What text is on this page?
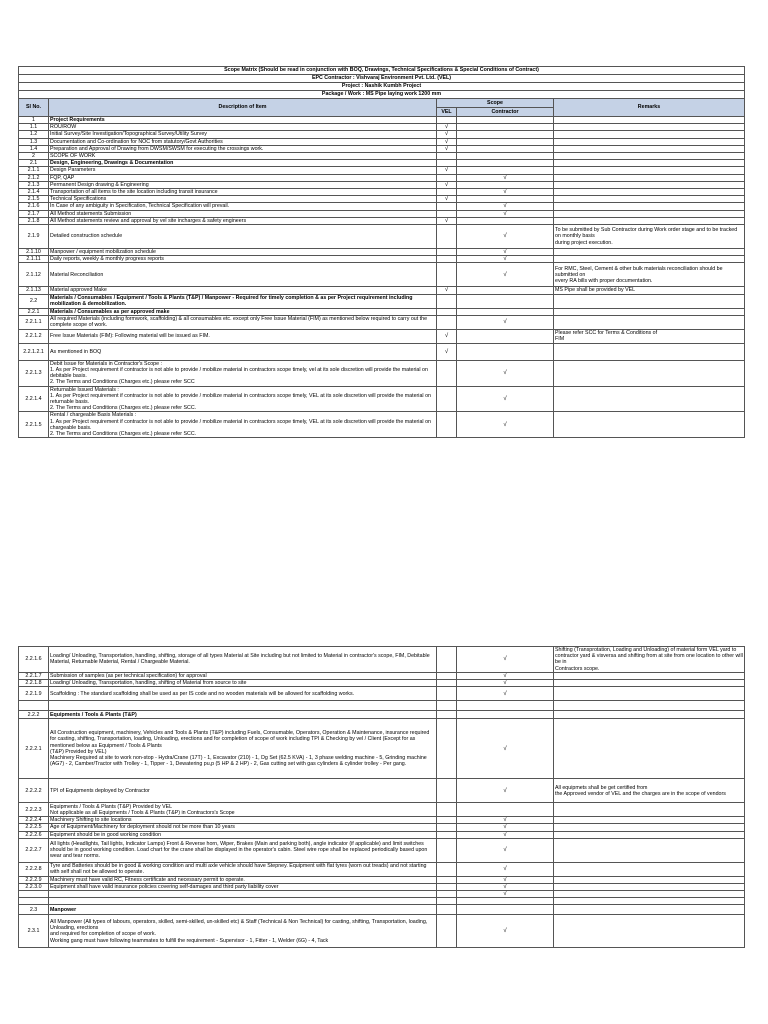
Scope Matrix (Should be read in conjunction with BOQ, Drawings, Technical Specifications & Special Conditions of Contract)				
EPC Contractor : Vishvaraj Environment Pvt. Ltd. (VEL)				
Project : Nashik Kumbh Project				
Package / Work : MS Pipe laying work 1200 mm				
Sl No.	Description of Item	Scope		Remarks
		VEL	Contractor	
1	Project Requirements			
1.1	ROU/ROW	√		
1.2	Initial Survey/Site Investigation/Topographical Survey/Utility Survey	√		
1.3	Documentation and Co-ordination for NOC from statutory/Govt Authorities	√		
1.4	Preparation and Approval of Drawing from DWSM/SWSM for executing the crossings work.	√		
2	SCOPE OF WORK			
2.1	Design, Engineering, Drawings & Documentation			
2.1.1	Design Parameters	√		
2.1.2	FQP, QAP		√	
2.1.3	Permanent Design drawing & Engineering	√		
2.1.4	Transportation of all items to the site location including transit insurance		√	
2.1.5	Technical Specifications	√		
2.1.6	In Case of any ambiguity in Specification, Technical Specification will prevail.		√	
2.1.7	All Method statements Submission		√	
2.1.8	All Method statements review and approval by vel site incharges & safety engineers	√		
2.1.9	Detailed construction schedule		√	To be submitted by Sub Contractor during Work order stage and to be tracked on monthly basis
during project execution.
2.1.10	Manpower / equipment mobilization schedule		√	
2.1.11	Daily reports, weekly & monthly progress reports		√	
2.1.12	Material Reconciliation		√	For RMC, Steel, Cement & other bulk materials reconciliation should be submitted on
every RA bills with proper documentation.
2.1.13	Material approved Make	√		MS Pipe shall be provided by VEL
2.2	Materials / Consumables / Equipment / Tools & Plants (T&P) / Manpower - Required for timely completion & as per Project requirement including mobilization & demobilization.			
2.2.1	Materials / Consumables as per approved make			
2.2.1.1	All required Materials (including formwork, scaffolding) & all consumables etc. except only Free Issue Material (FIM) as mentioned below required to carry out the complete scope of work.		√	
2.2.1.2	Free Issue Materials (FIM): Following material will be issued as FIM.	√		Please refer SCC for Terms & Conditions of
FIM
2.2.1.2.1	As mentioned in BOQ	√		
2.2.1.3	Debit Issue for Materials in Contractor's Scope :
1. As per Project requirement if contractor is not able to provide / mobilize material in contractors scope timely, vel at its sole discretion will provide the material on debitable basis.
2. The Terms and Conditions (Charges etc.) please refer SCC		√	
2.2.1.4	Returnable Issued Materials :
1. As per Project requirement if contractor is not able to provide / mobilize material in contractors scope timely, VEL at its sole discretion will provide the material on returnable basis.
2. The Terms and Conditions (Charges etc.) please refer SCC.		√	
2.2.1.5	Rental / chargeable Basis Materials :
1. As per Project requirement if contractor is not able to provide / mobilize material in contractors scope timely, VEL at its sole discretion will provide the material on chargeable basis.
2. The Terms and Conditions (Charges etc.) please refer SCC.		√	
2.2.1.6	Loading/ Unloading, Transportation, handling, shifting, storage of all types Material at Site including but not limited to Material in contractor's scope, FIM, Debitable Material, Returnable Material, Rental / Chargeable Material.		√	Shifting (Transprotation, Loading and Unloading) of material form VEL yard to contractor yard & visversa and shifting from at site from one location to other will be in
Contractors scope.
2.2.1.7	Submission of samples (as per technical specification) for approval		√	
2.2.1.8	Loading/ Unloading, Transportation, handling, shifting of Material from source to site		√	
2.2.1.9	Scaffolding : The standard scaffolding shall be used as per IS code and no wooden materials will be allowed for scaffolding works.		√	

2.2.2	Equipments / Tools & Plants (T&P)			
2.2.2.1	All Construction equipment, machinery, Vehicles and Tools & Plants (T&P) including Fuels, Consumable, Operators, Operation & Maintenance, insurance required for casting, shifting, Transportation, loading, Unloading, erections and for completion of scope of work including TPI & Checking by vel / Client (Except for as mentioned below as Equipment / Tools & Plants
(T&P) Provided by VEL)
Machinery Required at site to work non-stop - Hydra/Crane (17T) - 1, Excavator (210) - 1, Dg Set (62.5 KVA) - 1, 3 phase welding machine - 5, Grinding machine (AG7) - 2, Camber/Tractor with Trolley - 1, Tipper - 1, Dewatering pu,p (5 HP & 2 HP) - 2, Gas cutting set with gas cylinders & cylinder trolley - Per gang.		√	
2.2.2.2	TPI of Equipments deployed by Contractor		√	All equipmets shall be get certified from
the Approved vendor of VEL and the charges are in the scope of vendors
2.2.2.3	Equipments / Tools & Plants (T&P) Provided by VEL
Not applicable as all Equipments / Tools & Plants (T&P) in Contractors's Scope			
2.2.2.4	Machinery Shifting to site locations		√	
2.2.2.5	Age of Equipment/Machinery for deployment should not be more than 10 years		√	
2.2.2.6	Equipment should be in good working condition		√	
2.2.2.7	All lights (Headlights, Tail lights, Indicator Lamps) Front & Reverse horn, Wiper, Brakes (Main and parking both), angle indicator (if applicable) and limit switches should be in good working condition. Load chart for the crane shall be displayed in the operator's cabin. Steel wire rope shall be replaced periodically based upon wear and tear norms.		√	
2.2.2.8	Tyre and Batteries should be in good & working condition and multi axle vehicle should have Stepney. Equipment with flat tyres (worn out treads) and not starting with self shall not be allowed to operate.		√	
2.2.2.9	Machinery must have valid RC, Fitness certificate and necessary permit to operate.		√	
2.2.3.0	Equipment shall have valid insurance policies covering self-damages and third party liability cover		√	
			√	

2.3	Manpower			
2.3.1	All Manpower (All types of labours, operators, skilled, semi-skilled, un-skilled etc) & Staff (Technical & Non Technical) for casting, shifting, Transportation, loading, Unloading, erections
and required for completion of scope of work.
Working gang must have following teammates to fulfill the requirement - Supervisor - 1, Fitter - 1, Welder (6G) - 4, Tack		√	
